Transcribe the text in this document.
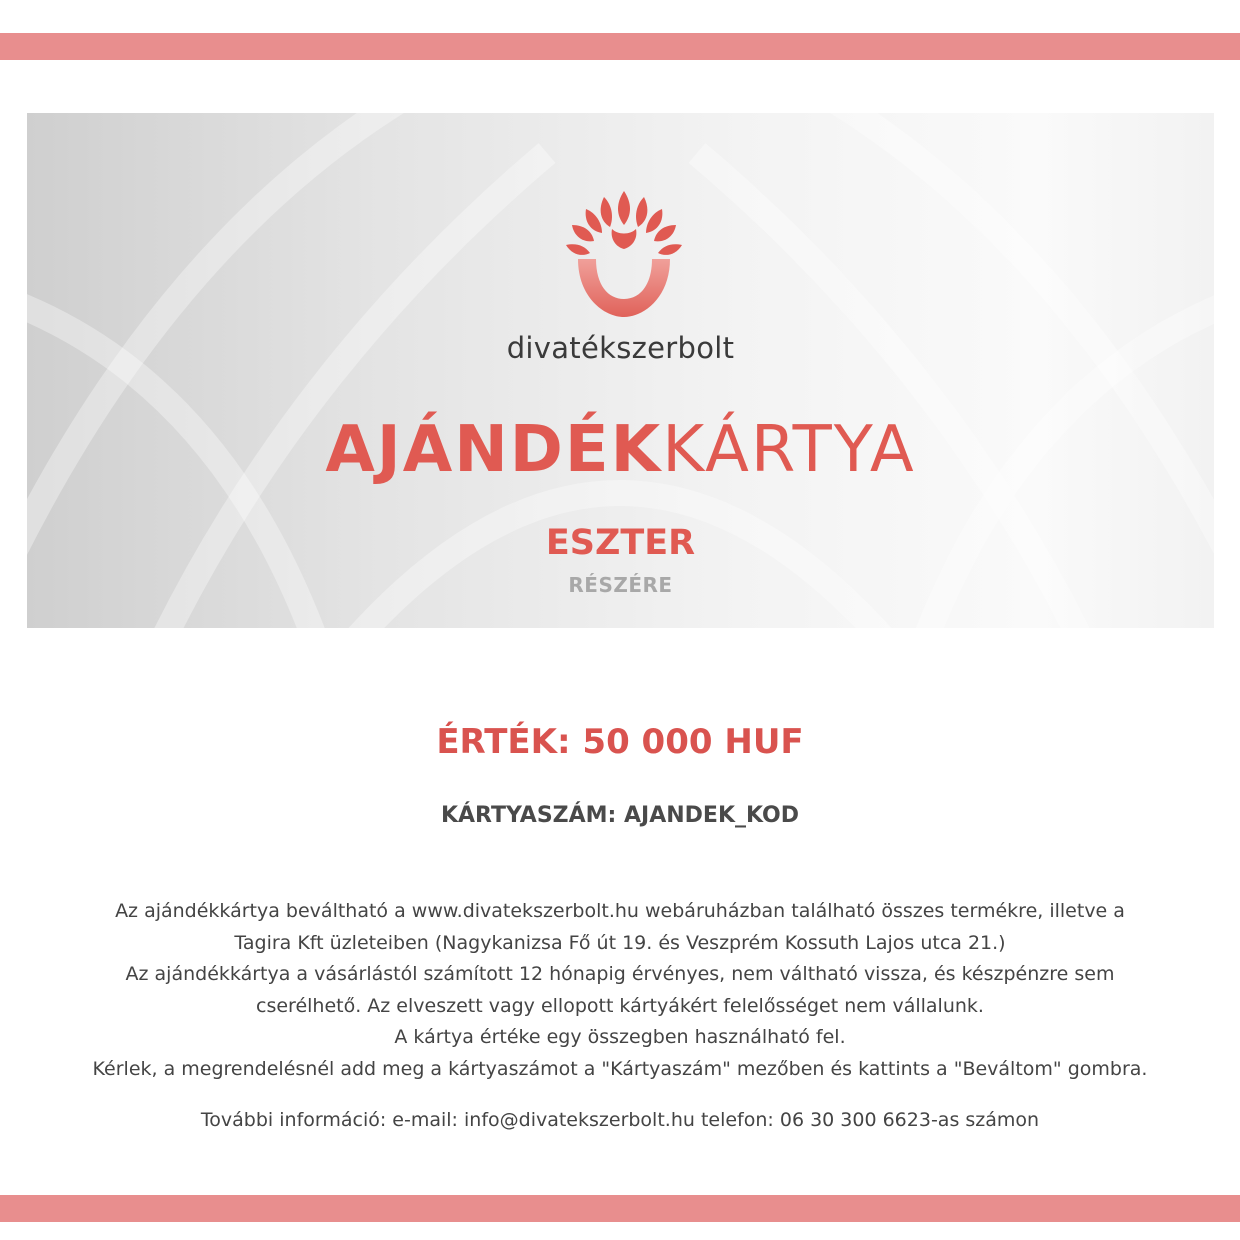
divatékszerbolt
AJÁNDÉKKÁRTYA
ESZTER
RÉSZÉRE
ÉRTÉK: 50 000 HUF
KÁRTYASZÁM: AJANDEK_KOD
Az ajándékkártya beváltható a www.divatekszerbolt.hu webáruházban található összes termékre, illetve a
Tagira Kft üzleteiben (Nagykanizsa Fő út 19. és Veszprém Kossuth Lajos utca 21.)
Az ajándékkártya a vásárlástól számított 12 hónapig érvényes, nem váltható vissza, és készpénzre sem
cserélhető. Az elveszett vagy ellopott kártyákért felelősséget nem vállalunk.
A kártya értéke egy összegben használható fel.
Kérlek, a megrendelésnél add meg a kártyaszámot a "Kártyaszám" mezőben és kattints a "Beváltom" gombra.
További információ: e-mail: info@divatekszerbolt.hu telefon: 06 30 300 6623-as számon
